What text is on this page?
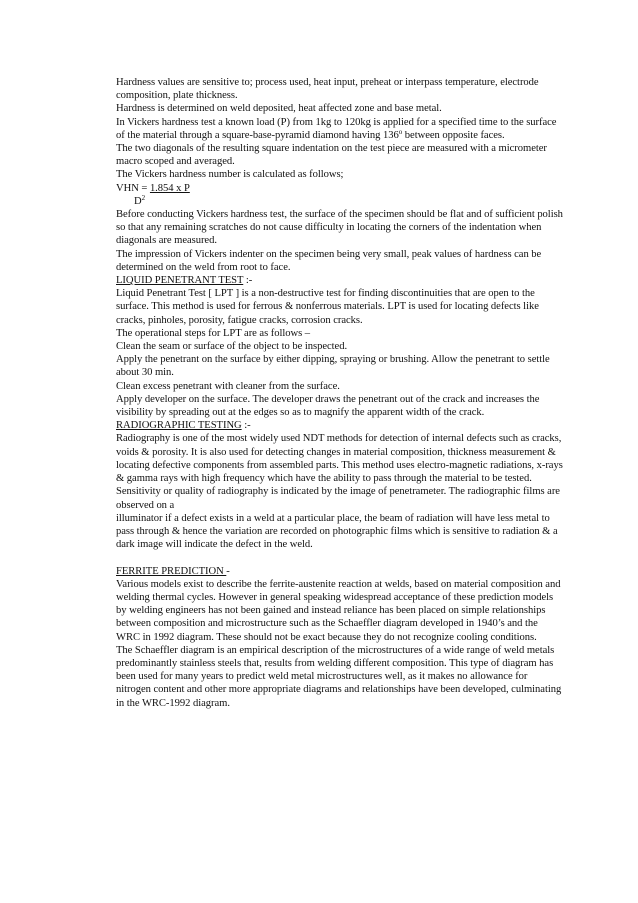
Hardness values are sensitive to; process used, heat input, preheat or interpass temperature, electrode composition, plate thickness.

Hardness is determined on weld deposited, heat affected zone and base metal.

In Vickers hardness test a known load (P) from 1kg to 120kg is applied for a specified time to the surface of the material through a square-base-pyramid diamond having 136$^o$ between opposite faces.

The two diagonals of the resulting square indentation on the test piece are measured with a micrometer macro scoped and averaged.

The Vickers hardness number is calculated as follows;

VHN = 1.854 x P

$D^2$

Before conducting Vickers hardness test, the surface of the specimen should be flat and of sufficient polish so that any remaining scratches do not cause difficulty in locating the corners of the indentation when diagonals are measured.

The impression of Vickers indenter on the specimen being very small, peak values of hardness can be determined on the weld from root to face.

LIQUID PENETRANT TEST :-

Liquid Penetrant Test [ LPT ] is a non-destructive test for finding discontinuities that are open to the surface. This method is used for ferrous & nonferrous materials. LPT is used for locating defects like cracks, pinholes, porosity, fatigue cracks, corrosion cracks.

The operational steps for LPT are as follows –

Clean the seam or surface of the object to be inspected.

Apply the penetrant on the surface by either dipping, spraying or brushing. Allow the penetrant to settle about 30 min.

Clean excess penetrant with cleaner from the surface.

Apply developer on the surface. The developer draws the penetrant out of the crack and increases the visibility by spreading out at the edges so as to magnify the apparent width of the crack.

RADIOGRAPHIC TESTING :-

Radiography is one of the most widely used NDT methods for detection of internal defects such as cracks, voids & porosity. It is also used for detecting changes in material composition, thickness measurement & locating defective components from assembled parts. This method uses electro-magnetic radiations, x-rays & gamma rays with high frequency which have the ability to pass through the material to be tested.

Sensitivity or quality of radiography is indicated by the image of penetrameter. The radiographic films are observed on a

illuminator if a defect exists in a weld at a particular place, the beam of radiation will have less metal to pass through & hence the variation are recorded on photographic films which is sensitive to radiation & a dark image will indicate the defect in the weld.

FERRITE PREDICTION -

Various models exist to describe the ferrite-austenite reaction at welds, based on material composition and welding thermal cycles. However in general speaking widespread acceptance of these prediction models by welding engineers has not been gained and instead reliance has been placed on simple relationships between composition and microstructure such as the Schaeffler diagram developed in 1940’s and the WRC in 1992 diagram. These should not be exact because they do not recognize cooling conditions.

The Schaeffler diagram is an empirical description of the microstructures of a wide range of weld metals predominantly stainless steels that, results from welding different composition. This type of diagram has been used for many years to predict weld metal microstructures well, as it makes no allowance for nitrogen content and other more appropriate diagrams and relationships have been developed, culminating in the WRC-1992 diagram.
